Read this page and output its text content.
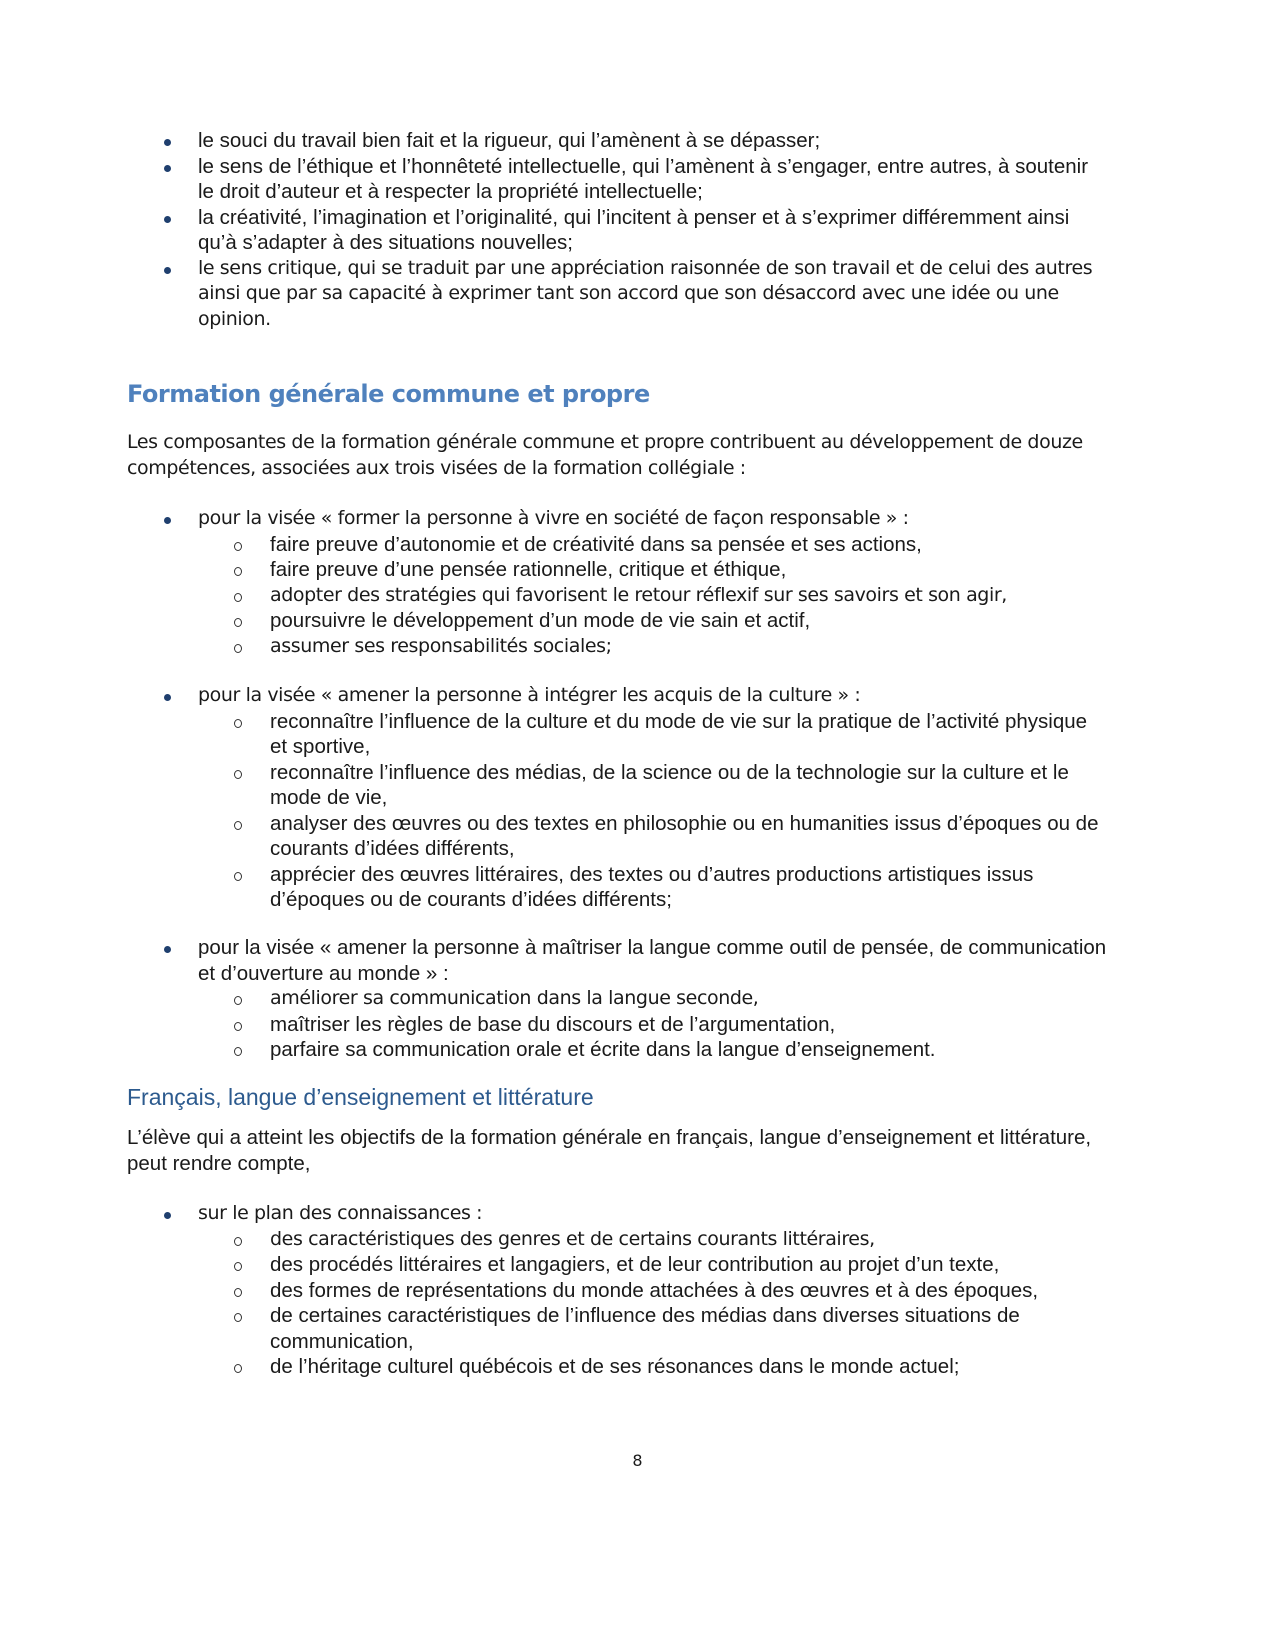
le souci du travail bien fait et la rigueur, qui l’amènent à se dépasser;
le sens de l’éthique et l’honnêteté intellectuelle, qui l’amènent à s’engager, entre autres, à soutenir le droit d’auteur et à respecter la propriété intellectuelle;
la créativité, l’imagination et l’originalité, qui l’incitent à penser et à s’exprimer différemment ainsi qu’à s’adapter à des situations nouvelles;
le sens critique, qui se traduit par une appréciation raisonnée de son travail et de celui des autres ainsi que par sa capacité à exprimer tant son accord que son désaccord avec une idée ou une opinion.
Formation générale commune et propre

Les composantes de la formation générale commune et propre contribuent au développement de douze compétences, associées aux trois visées de la formation collégiale :

pour la visée « former la personne à vivre en société de façon responsable » :
faire preuve d’autonomie et de créativité dans sa pensée et ses actions,
faire preuve d’une pensée rationnelle, critique et éthique,
adopter des stratégies qui favorisent le retour réflexif sur ses savoirs et son agir,
poursuivre le développement d’un mode de vie sain et actif,
assumer ses responsabilités sociales;
pour la visée « amener la personne à intégrer les acquis de la culture » :
reconnaître l’influence de la culture et du mode de vie sur la pratique de l’activité physique et sportive,
reconnaître l’influence des médias, de la science ou de la technologie sur la culture et le mode de vie,
analyser des œuvres ou des textes en philosophie ou en humanities issus d’époques ou de courants d’idées différents,
apprécier des œuvres littéraires, des textes ou d’autres productions artistiques issus d’époques ou de courants d’idées différents;
pour la visée « amener la personne à maîtriser la langue comme outil de pensée, de communication et d’ouverture au monde » :
améliorer sa communication dans la langue seconde,
maîtriser les règles de base du discours et de l’argumentation,
parfaire sa communication orale et écrite dans la langue d’enseignement.
Français, langue d’enseignement et littérature

L’élève qui a atteint les objectifs de la formation générale en français, langue d’enseignement et littérature, peut rendre compte,

sur le plan des connaissances :
des caractéristiques des genres et de certains courants littéraires,
des procédés littéraires et langagiers, et de leur contribution au projet d’un texte,
des formes de représentations du monde attachées à des œuvres et à des époques,
de certaines caractéristiques de l’influence des médias dans diverses situations de communication,
de l’héritage culturel québécois et de ses résonances dans le monde actuel;
8
